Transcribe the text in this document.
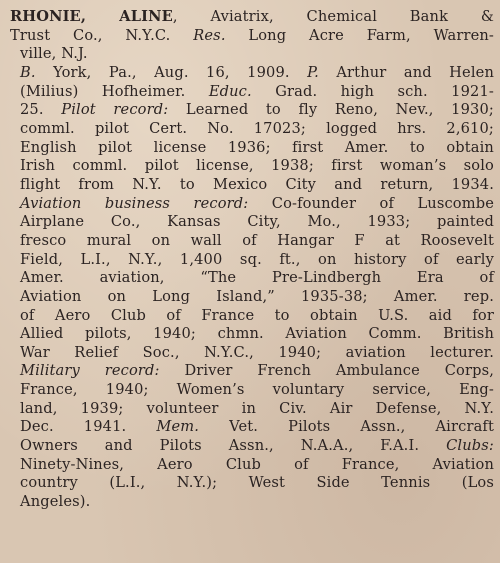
RHONIE, ALINE, Aviatrix, Chemical Bank &
Trust Co., N.Y.C. Res. Long Acre Farm, Warren-
ville, N.J.
B. York, Pa., Aug. 16, 1909. P. Arthur and Helen
(Milius) Hofheimer. Educ. Grad. high sch. 1921-
25. Pilot record: Learned to fly Reno, Nev., 1930;
comml. pilot Cert. No. 17023; logged hrs. 2,610;
English pilot license 1936; first Amer. to obtain
Irish comml. pilot license, 1938; first woman’s solo
flight from N.Y. to Mexico City and return, 1934.
Aviation business record: Co-founder of Luscombe
Airplane Co., Kansas City, Mo., 1933; painted
fresco mural on wall of Hangar F at Roosevelt
Field, L.I., N.Y., 1,400 sq. ft., on history of early
Amer. aviation, “The Pre-Lindbergh Era of
Aviation on Long Island,” 1935-38; Amer. rep.
of Aero Club of France to obtain U.S. aid for
Allied pilots, 1940; chmn. Aviation Comm. British
War Relief Soc., N.Y.C., 1940; aviation lecturer.
Military record: Driver French Ambulance Corps,
France, 1940; Women’s voluntary service, Eng-
land, 1939; volunteer in Civ. Air Defense, N.Y.
Dec. 1941. Mem. Vet. Pilots Assn., Aircraft
Owners and Pilots Assn., N.A.A., F.A.I. Clubs:
Ninety-Nines, Aero Club of France, Aviation
country (L.I., N.Y.); West Side Tennis (Los
Angeles).
